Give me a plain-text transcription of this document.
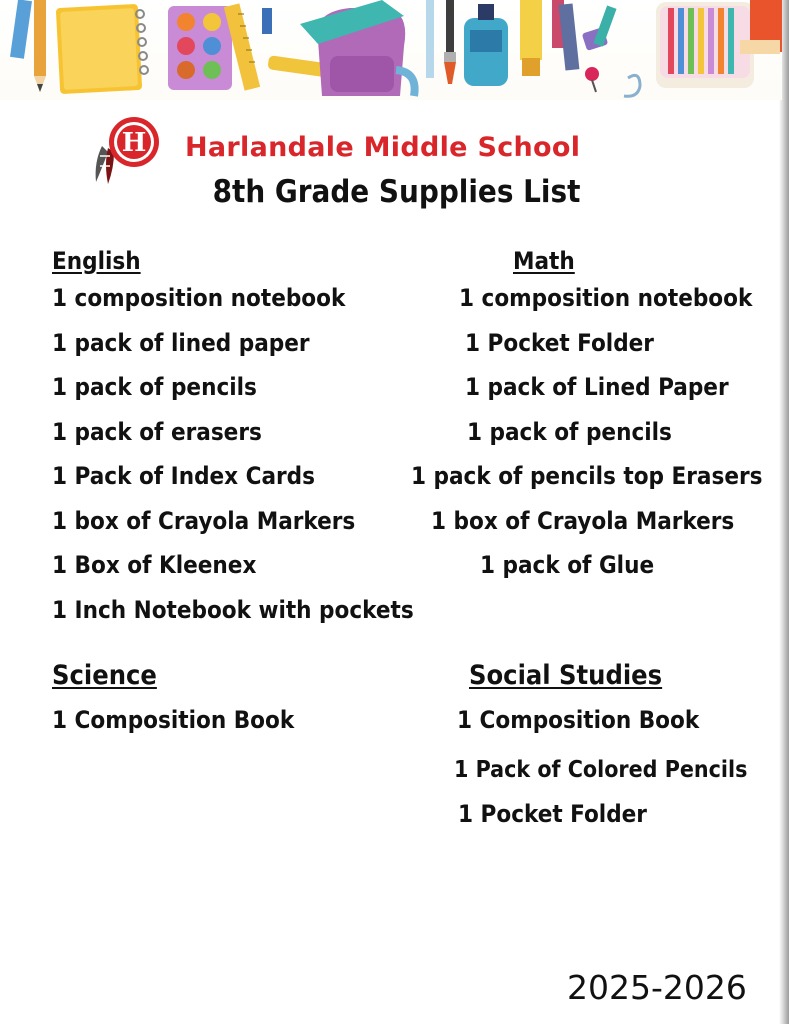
H Harlandale Middle School
8th Grade Supplies List
English
1 composition notebook
1 pack of lined paper
1 pack of pencils
1 pack of erasers
1 Pack of Index Cards
1 box of Crayola Markers
1 Box of Kleenex
1 Inch Notebook with pockets
Math
1 composition notebook
1 Pocket Folder
1 pack of Lined Paper
1 pack of pencils
1 pack of pencils top Erasers
1 box of Crayola Markers
1 pack of Glue
Science
1 Composition Book
Social Studies
1 Composition Book
1 Pack of Colored Pencils
1 Pocket Folder
2025-2026
